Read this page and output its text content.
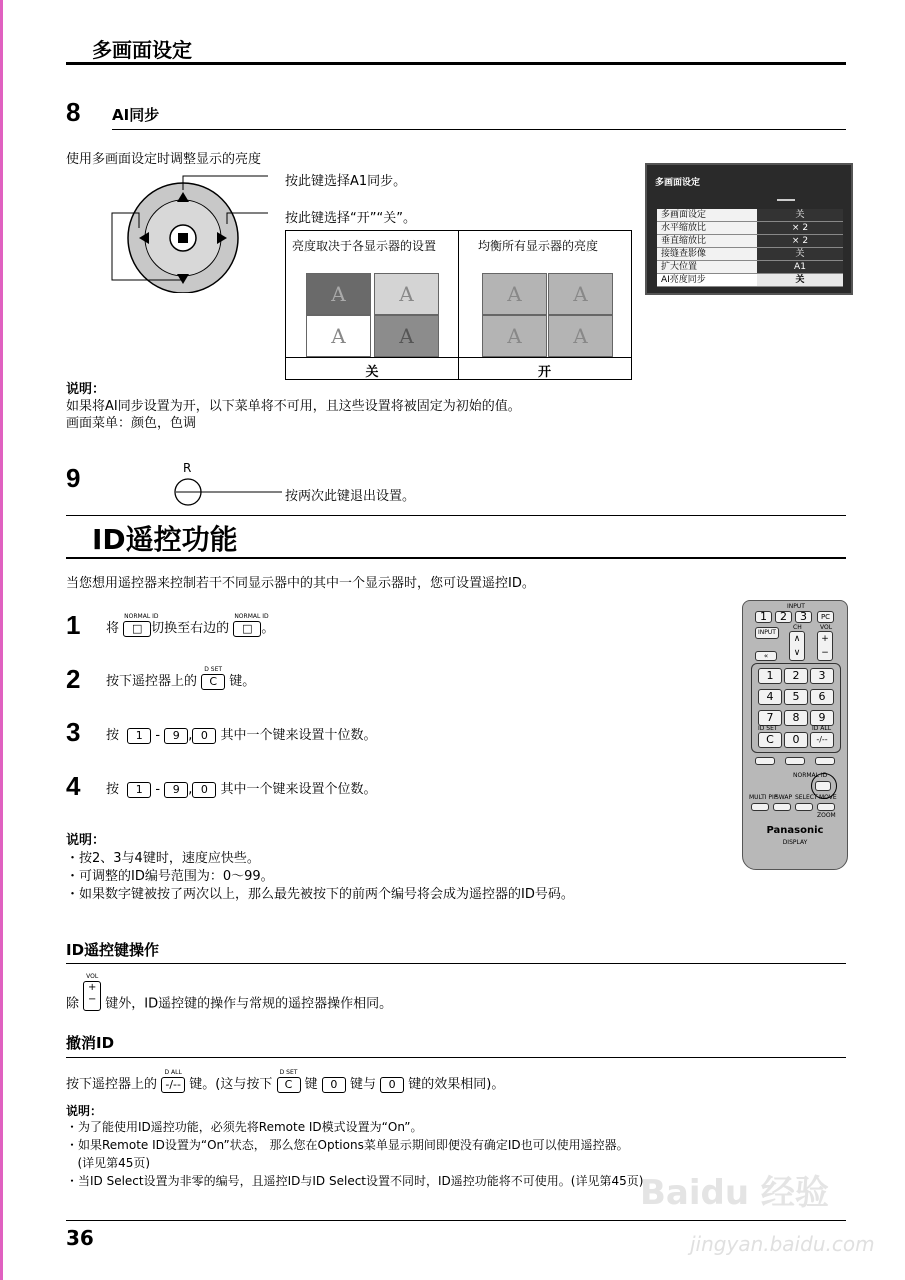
多画面设定
8 AI同步
使用多画面设定时调整显示的亮度
按此键选择A1同步。
按此键选择“开”“关”。
亮度取决于各显示器的设置	均衡所有显示器的亮度
A	A
A	A
A	A
A	A
关	开
多画面设定
多画面设定	关
水平缩放比	× 2
垂直缩放比	× 2
接缝查影像	关
扩大位置	A1
AI亮度同步	关
说明：
如果将AI同步设置为开，以下菜单将不可用，且这些设置将被固定为初始的值。
画面菜单：颜色，色调
9	R
按两次此键退出设置。
ID遥控功能
当您想用遥控器来控制若干不同显示器中的其中一个显示器时，您可设置遥控ID。
1 将
NORMAL ID
□ 切换至右边的
NORMAL ID
□ 。
2 按下遥控器上的
D SET
C 键。
3 按 1 - 9 , 0 其中一个键来设置十位数。
4 按 1 - 9 , 0 其中一个键来设置个位数。
说明：
・按2、3与4键时，速度应快些。
・可调整的ID编号范围为：0～99。
・如果数字键被按了两次以上，那么最先被按下的前两个编号将会成为遥控器的ID号码。
INPUT
1	2	3	PC
INPUT
CH	VOL
∧
∨
+
−
«
1	2	3
4	5	6
7	8	9
ID SET	ID ALL
C	0	-/--
NORMAL ID
MULTI PIP
SWAP SELECT MOVE
ZOOM
Panasonic
DISPLAY
ID遥控键操作
除
VOL
+
− 键外，ID遥控键的操作与常规的遥控器操作相同。
撤消ID
按下遥控器上的
D ALL
-/-- 键。(这与按下
D SET
C 键 0 键与 0 键的效果相同)。
说明：
・为了能使用ID遥控功能，必须先将Remote ID模式设置为“On”。
・如果Remote ID设置为“On”状态， 那么您在Options菜单显示期间即便没有确定ID也可以使用遥控器。
(详见第45页)
・当ID Select设置为非零的编号，且遥控ID与ID Select设置不同时，ID遥控功能将不可使用。(详见第45页)
36
Baidu 经验
jingyan.baidu.com
